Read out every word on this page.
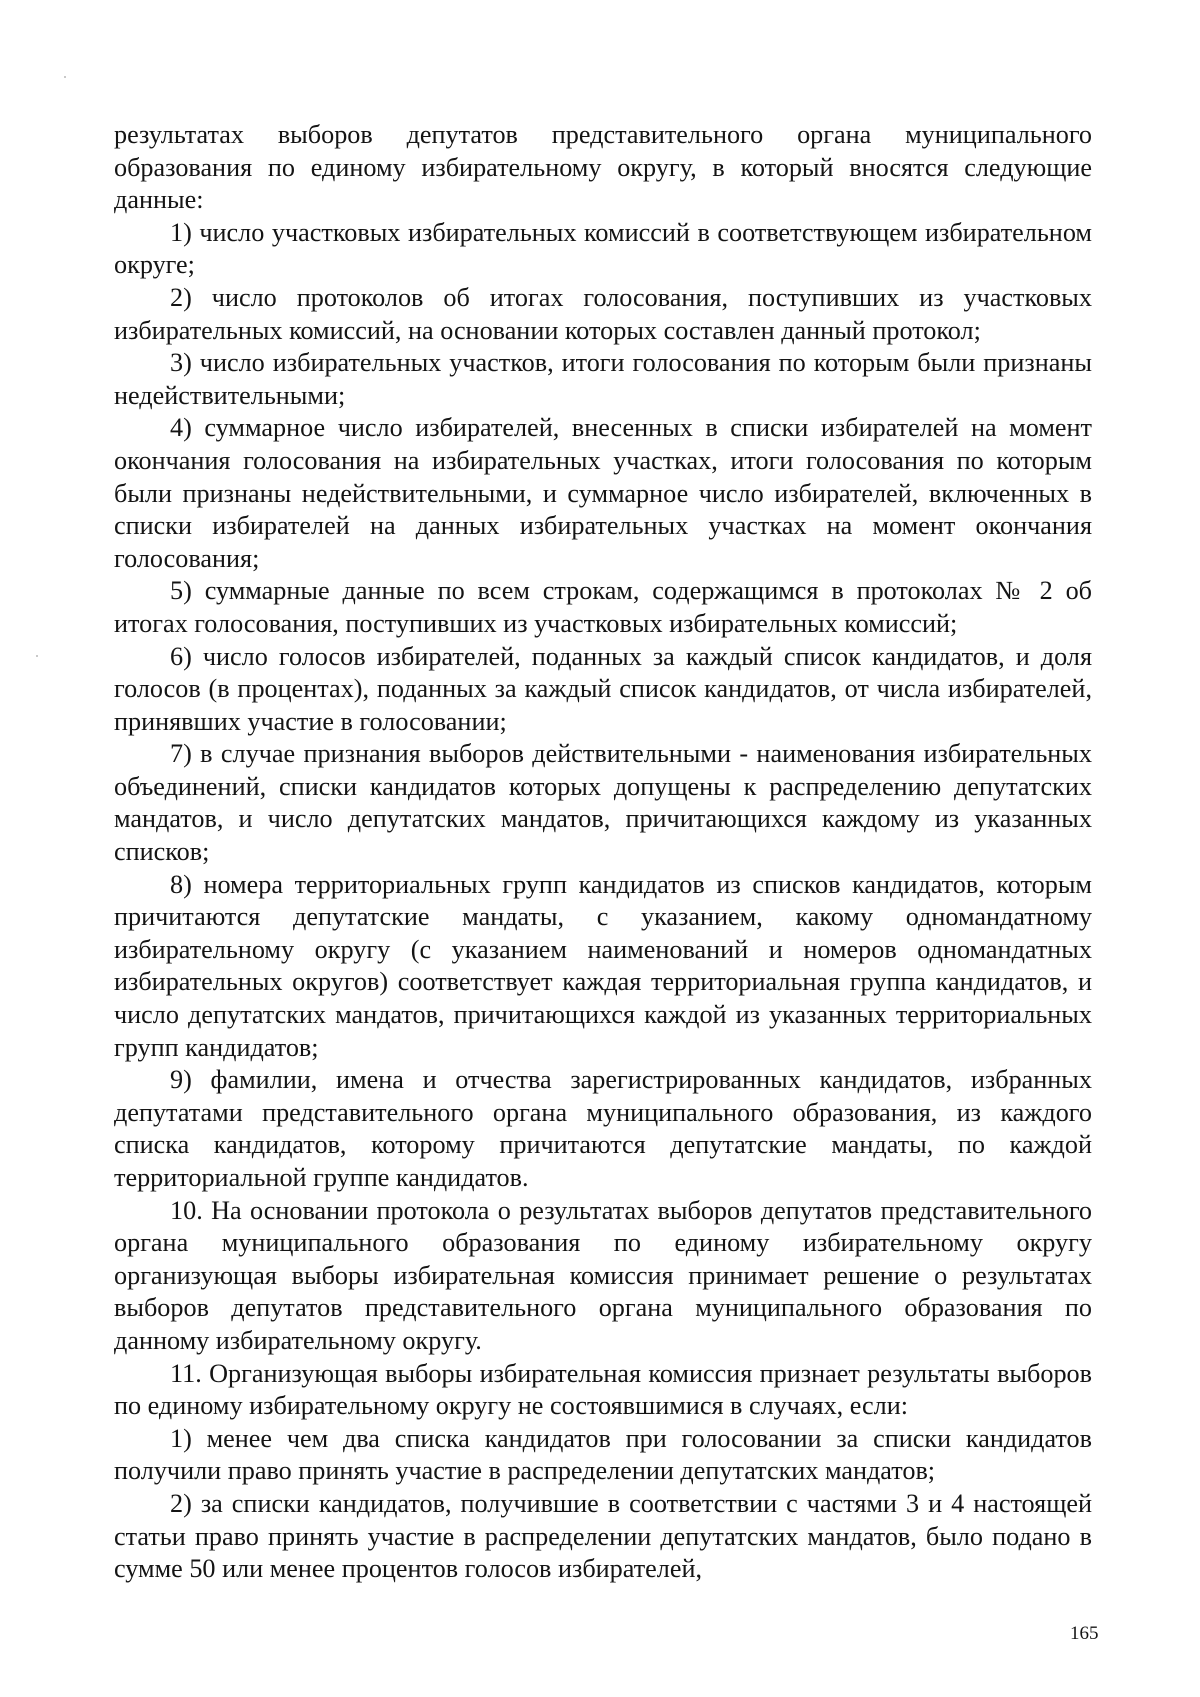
результатах выборов депутатов представительного органа муниципального образования по единому избирательному округу, в который вносятся следующие данные:

1) число участковых избирательных комиссий в соответствующем избирательном округе;

2) число протоколов об итогах голосования, поступивших из участковых избирательных комиссий, на основании которых составлен данный протокол;

3) число избирательных участков, итоги голосования по которым были признаны недействительными;

4) суммарное число избирателей, внесенных в списки избирателей на момент окончания голосования на избирательных участках, итоги голосования по которым были признаны недействительными, и суммарное число избирателей, включенных в списки избирателей на данных избирательных участках на момент окончания голосования;

5) суммарные данные по всем строкам, содержащимся в протоколах № 2 об итогах голосования, поступивших из участковых избирательных комиссий;

6) число голосов избирателей, поданных за каждый список кандидатов, и доля голосов (в процентах), поданных за каждый список кандидатов, от числа избирателей, принявших участие в голосовании;

7) в случае признания выборов действительными - наименования избирательных объединений, списки кандидатов которых допущены к распределению депутатских мандатов, и число депутатских мандатов, причитающихся каждому из указанных списков;

8) номера территориальных групп кандидатов из списков кандидатов, которым причитаются депутатские мандаты, с указанием, какому одномандатному избирательному округу (с указанием наименований и номеров одномандатных избирательных округов) соответствует каждая территориальная группа кандидатов, и число депутатских мандатов, причитающихся каждой из указанных территориальных групп кандидатов;

9) фамилии, имена и отчества зарегистрированных кандидатов, избранных депутатами представительного органа муниципального образования, из каждого списка кандидатов, которому причитаются депутатские мандаты, по каждой территориальной группе кандидатов.

10. На основании протокола о результатах выборов депутатов представительного органа муниципального образования по единому избирательному округу организующая выборы избирательная комиссия принимает решение о результатах выборов депутатов представительного органа муниципального образования по данному избирательному округу.

11. Организующая выборы избирательная комиссия признает результаты выборов по единому избирательному округу не состоявшимися в случаях, если:

1) менее чем два списка кандидатов при голосовании за списки кандидатов получили право принять участие в распределении депутатских мандатов;

2) за списки кандидатов, получившие в соответствии с частями 3 и 4 настоящей статьи право принять участие в распределении депутатских мандатов, было подано в сумме 50 или менее процентов голосов избирателей,

165
